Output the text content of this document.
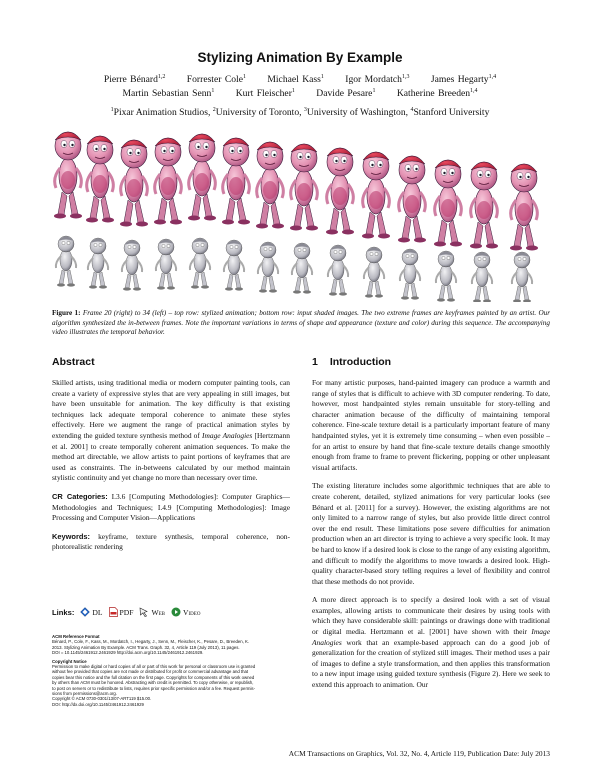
Stylizing Animation By Example
Pierre Bénard$^{1,2}$ Forrester Cole$^1$ Michael Kass$^1$ Igor Mordatch$^{1,3}$ James Hegarty$^{1,4}$
Martin Sebastian Senn$^1$ Kurt Fleischer$^1$ Davide Pesare$^1$ Katherine Breeden$^{1,4}$
$^1$Pixar Animation Studios, $^2$University of Toronto, $^3$University of Washington, $^4$Stanford University
Figure 1: Frame 20 (right) to 34 (left) – top row: stylized animation; bottom row: input shaded images. The two extreme frames are keyframes painted by an artist. Our algorithm synthesized the in-between frames. Note the important variations in terms of shape and appearance (texture and color) during this sequence. The accompanying video illustrates the temporal behavior.
Abstract

Skilled artists, using traditional media or modern computer painting tools, can create a variety of expressive styles that are very appealing in still images, but have been unsuitable for animation. The key difficulty is that existing techniques lack adequate temporal coherence to animate these styles effectively. Here we augment the range of practical animation styles by extending the guided texture synthesis method of Image Analogies [Hertzmann et al. 2001] to create temporally coherent animation sequences. To make the method art directable, we allow artists to paint portions of keyframes that are used as constraints. The in-betweens calculated by our method maintain stylistic continuity and yet change no more than necessary over time.

CR Categories: I.3.6 [Computing Methodologies]: Computer Graphics—Methodologies and Techniques; I.4.9 [Computing Methodologies]: Image Processing and Computer Vision—Applications

Keywords: keyframe, texture synthesis, temporal coherence, non-photorealistic rendering

Links: DL PDF Web Video

ACM Reference Format

Bénard, P., Cole, F., Kass, M., Mordatch, I., Hegarty, J., Senn, M., Fleischer, K., Pesare, D., Breeden, K.

2013. Stylizing Animation By Example. ACM Trans. Graph. 32, 4, Article 119 (July 2013), 11 pages.

DOI = 10.1145/2461912.2461929 http://doi.acm.org/10.1145/2461912.2461929.

Copyright Notice

Permission to make digital or hard copies of all or part of this work for personal or classroom use is granted

without fee provided that copies are not made or distributed for profit or commercial advantage and that

copies bear this notice and the full citation on the first page. Copyrights for components of this work owned

by others than ACM must be honored. Abstracting with credit is permitted. To copy otherwise, or republish,

to post on servers or to redistribute to lists, requires prior specific permission and/or a fee. Request permis-

sions from permissions@acm.org.

Copyright © ACM 0730-0301/13/07-ART119 $15.00.

DOI: http://dx.doi.org/10.1145/2461912.2461929

1 Introduction

For many artistic purposes, hand-painted imagery can produce a warmth and range of styles that is difficult to achieve with 3D computer rendering. To date, however, most handpainted styles remain unsuitable for story-telling and character animation because of the difficulty of maintaining temporal coherence. Fine-scale texture detail is a particularly important feature of many handpainted styles, yet it is extremely time consuming – when even possible – for an artist to ensure by hand that fine-scale texture details change smoothly enough from frame to frame to prevent flickering, popping or other unpleasant visual artifacts.

The existing literature includes some algorithmic techniques that are able to create coherent, detailed, stylized animations for very particular looks (see Bénard et al. [2011] for a survey). However, the existing algorithms are not only limited to a narrow range of styles, but also provide little direct control over the end result. These limitations pose severe difficulties for animation production when an art director is trying to achieve a very specific look. It may be hard to know if a desired look is close to the range of any existing algorithm, and difficult to modify the algorithms to move towards a desired look. High-quality character-based story telling requires a level of flexibility and control that these methods do not provide.

A more direct approach is to specify a desired look with a set of visual examples, allowing artists to communicate their desires by using tools with which they have considerable skill: paintings or drawings done with traditional or digital media. Hertzmann et al. [2001] have shown with their Image Analogies work that an example-based approach can do a good job of generalization for the creation of stylized still images. Their method uses a pair of images to define a style transformation, and then applies this transformation to a new input image using guided texture synthesis (Figure 2). Here we seek to extend this approach to animation. Our

ACM Transactions on Graphics, Vol. 32, No. 4, Article 119, Publication Date: July 2013
